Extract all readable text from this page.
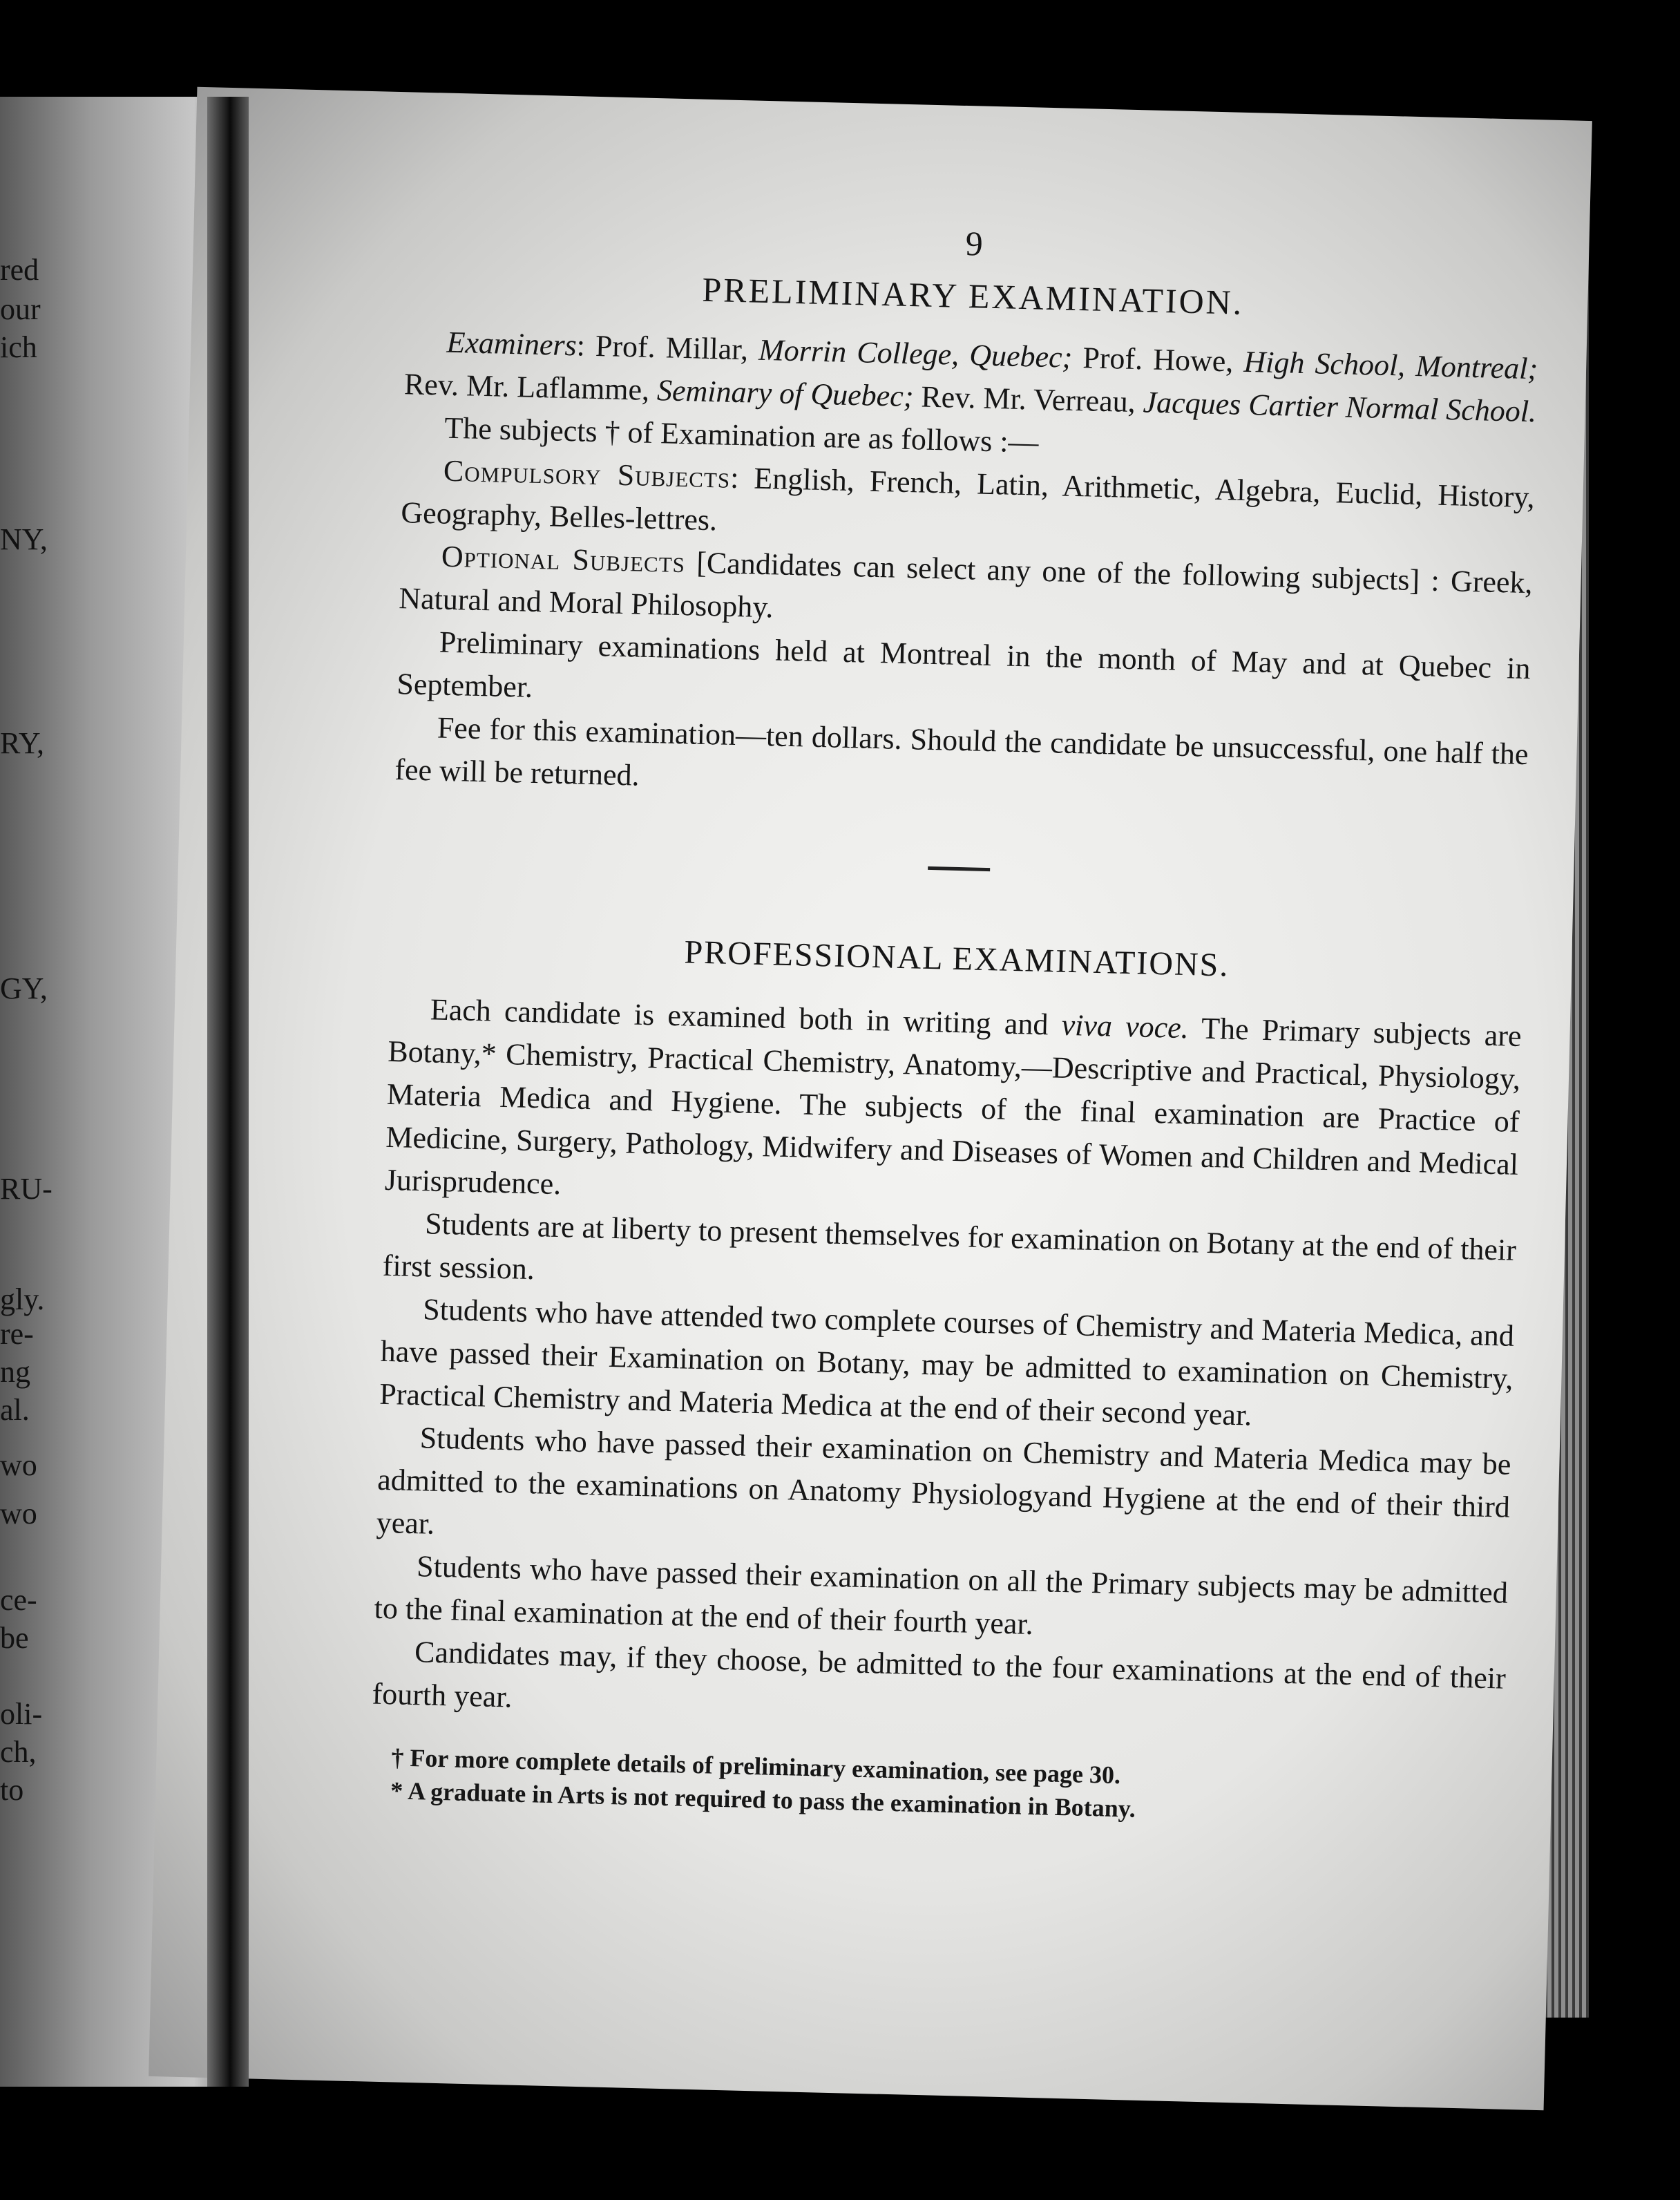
red
our
ich
NY,
RY,
GY,
RU-
gly.
re-
ng
al.
wo
wo
ce-
be
oli-
ch,
to
9
PRELIMINARY EXAMINATION.

Examiners: Prof. Millar, Morrin College, Quebec; Prof. Howe, High School, Montreal; Rev. Mr. Laflamme, Seminary of Quebec; Rev. Mr. Verreau, Jacques Cartier Normal School.

The subjects † of Examination are as follows :—

Compulsory Subjects: English, French, Latin, Arithmetic, Algebra, Euclid, History, Geography, Belles-lettres.

Optional Subjects [Candidates can select any one of the following subjects] : Greek, Natural and Moral Philosophy.

Preliminary examinations held at Montreal in the month of May and at Quebec in September.

Fee for this examination—ten dollars. Should the candidate be unsuccessful, one half the fee will be returned.

PROFESSIONAL EXAMINATIONS.

Each candidate is examined both in writing and viva voce. The Primary subjects are Botany,* Chemistry, Practical Chemistry, Anatomy,—Descriptive and Practical, Physiology, Materia Medica and Hygiene. The subjects of the final examination are Practice of Medicine, Surgery, Pathology, Midwifery and Diseases of Women and Children and Medical Jurisprudence.

Students are at liberty to present themselves for examination on Botany at the end of their first session.

Students who have attended two complete courses of Chemistry and Materia Medica, and have passed their Examination on Botany, may be admitted to examination on Chemistry, Practical Chemistry and Materia Medica at the end of their second year.

Students who have passed their examination on Chemistry and Materia Medica may be admitted to the examinations on Anatomy Physiologyand Hygiene at the end of their third year.

Students who have passed their examination on all the Primary subjects may be admitted to the final examination at the end of their fourth year.

Candidates may, if they choose, be admitted to the four examinations at the end of their fourth year.

† For more complete details of preliminary examination, see page 30.

* A graduate in Arts is not required to pass the examination in Botany.
